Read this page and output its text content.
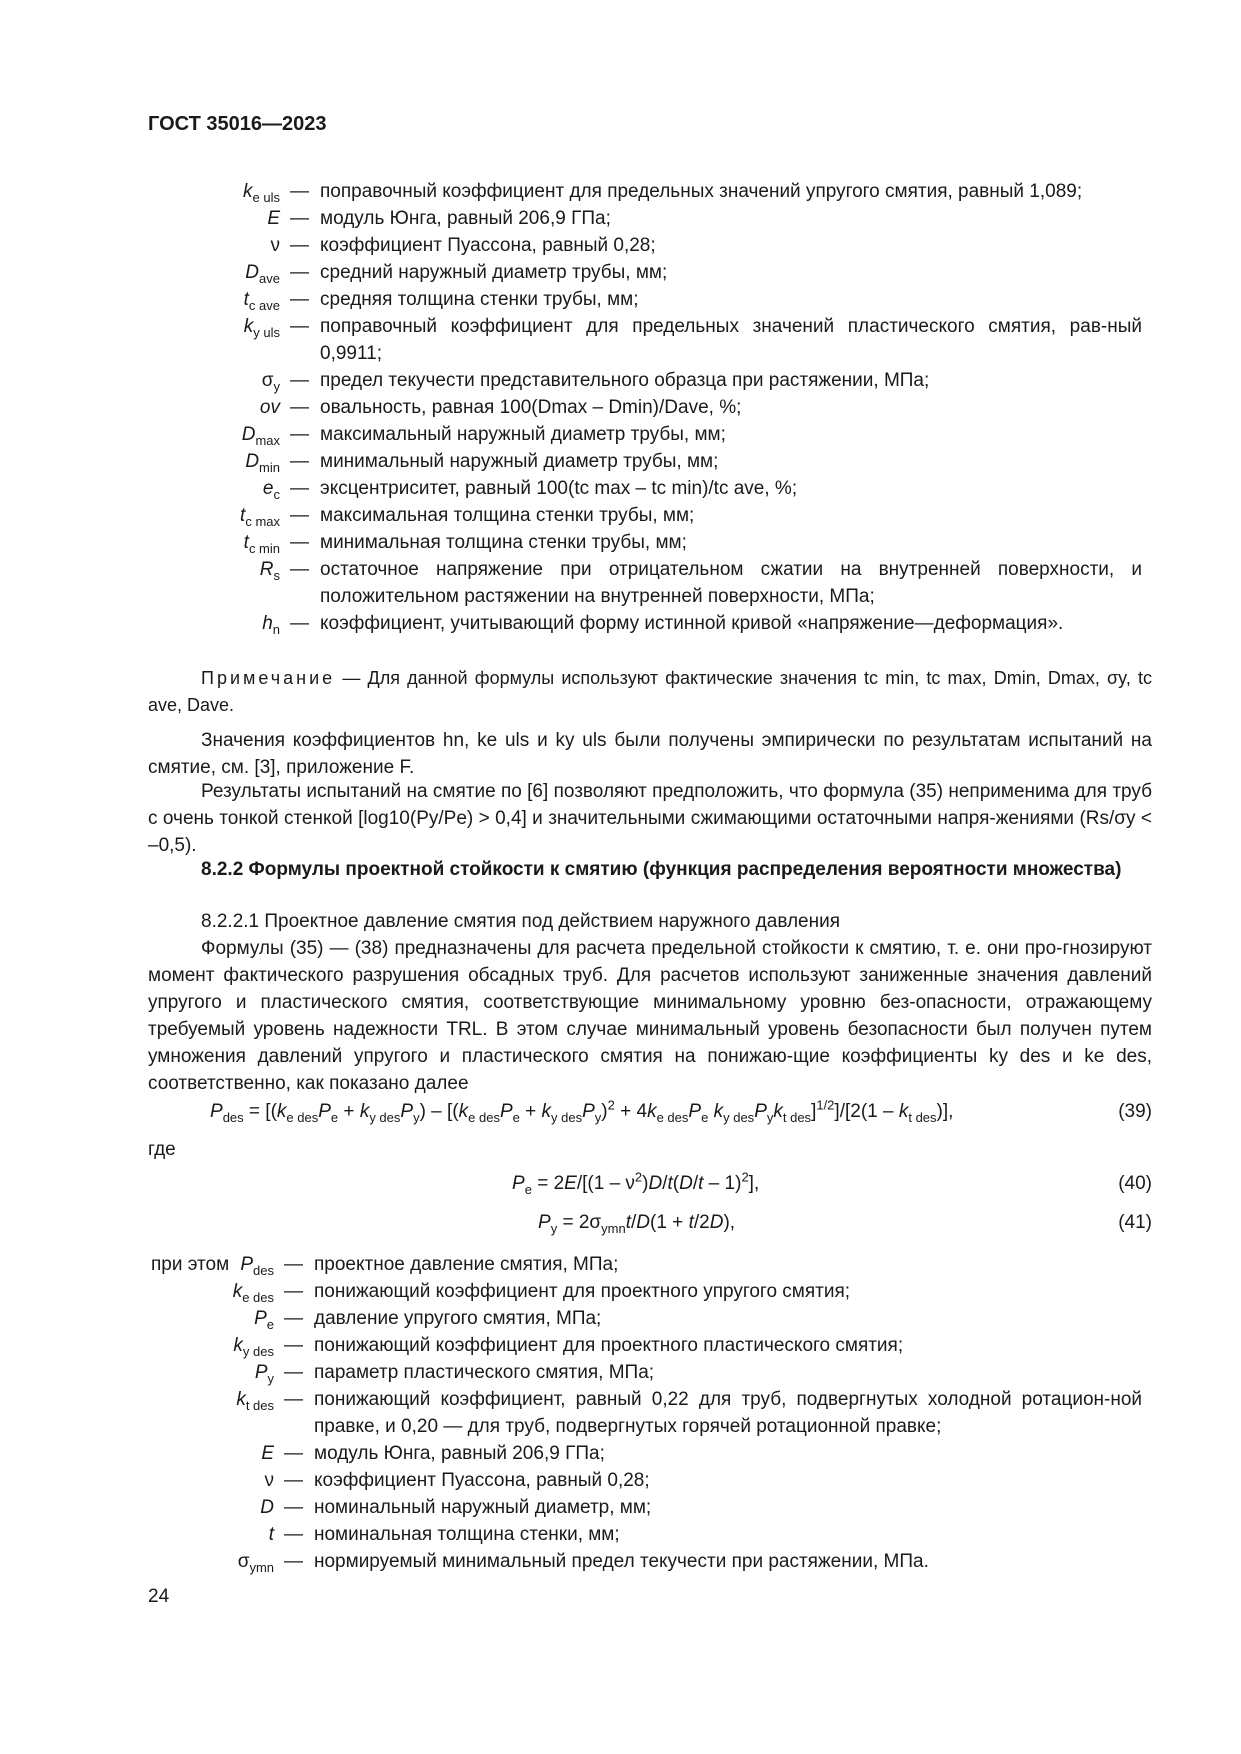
ГОСТ 35016—2023
$k_{e uls}$ — поправочный коэффициент для предельных значений упругого смятия, равный 1,089;
E — модуль Юнга, равный 206,9 ГПа;
ν — коэффициент Пуассона, равный 0,28;
$D_{ave}$ — средний наружный диаметр трубы, мм;
$t_{c ave}$ — средняя толщина стенки трубы, мм;
$k_{y uls}$ — поправочный коэффициент для предельных значений пластического смятия, рав-ный 0,9911;
$\sigma_y$ — предел текучести представительного образца при растяжении, МПа;
ov — овальность, равная 100(Dmax – Dmin)/Dave, %;
$D_{max}$ — максимальный наружный диаметр трубы, мм;
$D_{min}$ — минимальный наружный диаметр трубы, мм;
$e_c$ — эксцентриситет, равный 100(tc max – tc min)/tc ave, %;
$t_{c max}$ — максимальная толщина стенки трубы, мм;
$t_{c min}$ — минимальная толщина стенки трубы, мм;
$R_s$ — остаточное напряжение при отрицательном сжатии на внутренней поверхности, и положительном растяжении на внутренней поверхности, МПа;
$h_n$ — коэффициент, учитывающий форму истинной кривой «напряжение—деформация».
Примечание — Для данной формулы используют фактические значения tc min, tc max, Dmin, Dmax, σy, tc ave, Dave.
Значения коэффициентов hn, ke uls и ky uls были получены эмпирически по результатам испытаний на смятие, см. [3], приложение F.
Результаты испытаний на смятие по [6] позволяют предположить, что формула (35) неприменима для труб с очень тонкой стенкой [log10(Py/Pe) > 0,4] и значительными сжимающими остаточными напря-жениями (Rs/σy < –0,5).
8.2.2 Формулы проектной стойкости к смятию (функция распределения вероятности множества)
8.2.2.1 Проектное давление смятия под действием наружного давления
Формулы (35) — (38) предназначены для расчета предельной стойкости к смятию, т. е. они про-гнозируют момент фактического разрушения обсадных труб. Для расчетов используют заниженные значения давлений упругого и пластического смятия, соответствующие минимальному уровню без-опасности, отражающему требуемый уровень надежности TRL. В этом случае минимальный уровень безопасности был получен путем умножения давлений упругого и пластического смятия на понижаю-щие коэффициенты ky des и ke des, соответственно, как показано далее
$P_{des} = [(k_{e des}P_e + k_{y des}P_y) - [(k_{e des}P_e + k_{y des}P_y)^2 + 4k_{e des}P_e$ $k_{y des}P_yk_{t des}]^{1/2}]/[2(1 - k_{t des})]$,	(39)
где
$P_e = 2E/[(1 - \nu^2)D/t(D/t - 1)^2]$,	(40)
$P_y = 2\sigma_{ymn}t/D(1 + t/2D)$,	(41)
при этом $P_{des}$ — проектное давление смятия, МПа;
$k_{e des}$ — понижающий коэффициент для проектного упругого смятия;
$P_e$ — давление упругого смятия, МПа;
$k_{y des}$ — понижающий коэффициент для проектного пластического смятия;
$P_y$ — параметр пластического смятия, МПа;
$k_{t des}$ — понижающий коэффициент, равный 0,22 для труб, подвергнутых холодной ротацион-ной правке, и 0,20 — для труб, подвергнутых горячей ротационной правке;
E — модуль Юнга, равный 206,9 ГПа;
ν — коэффициент Пуассона, равный 0,28;
D — номинальный наружный диаметр, мм;
t — номинальная толщина стенки, мм;
$\sigma_{ymn}$ — нормируемый минимальный предел текучести при растяжении, МПа.
24
